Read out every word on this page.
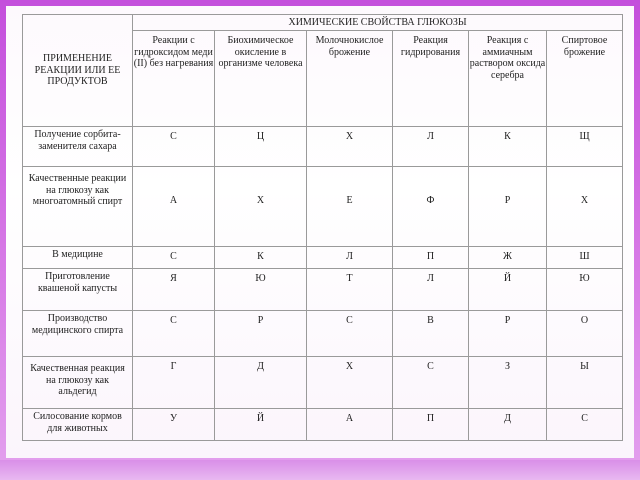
ПРИМЕНЕНИЕ РЕАКЦИИ ИЛИ ЕЕ ПРОДУКТОВ	ХИМИЧЕСКИЕ СВОЙСТВА ГЛЮКОЗЫ					
	Реакции с гидроксидом меди (II) без нагревания	Биохимическое окисление в организме человека	Молочнокислое брожение	Реакция гидрирования	Реакция с аммиачным раствором оксида серебра	Спиртовое брожение
Получение сорбита-заменителя сахара	С	Ц	Х	Л	К	Щ
Качественные реакции на глюкозу как многоатомный спирт	А	Х	Е	Ф	Р	Х
В медицине	С	К	Л	П	Ж	Ш
Приготовление квашеной капусты	Я	Ю	Т	Л	Й	Ю
Производство медицинского спирта	С	Р	С	В	Р	О
Качественная реакция на глюкозу как альдегид	Г	Д	Х	С	З	Ы
Силосование кормов для животных	У	Й	А	П	Д	С
